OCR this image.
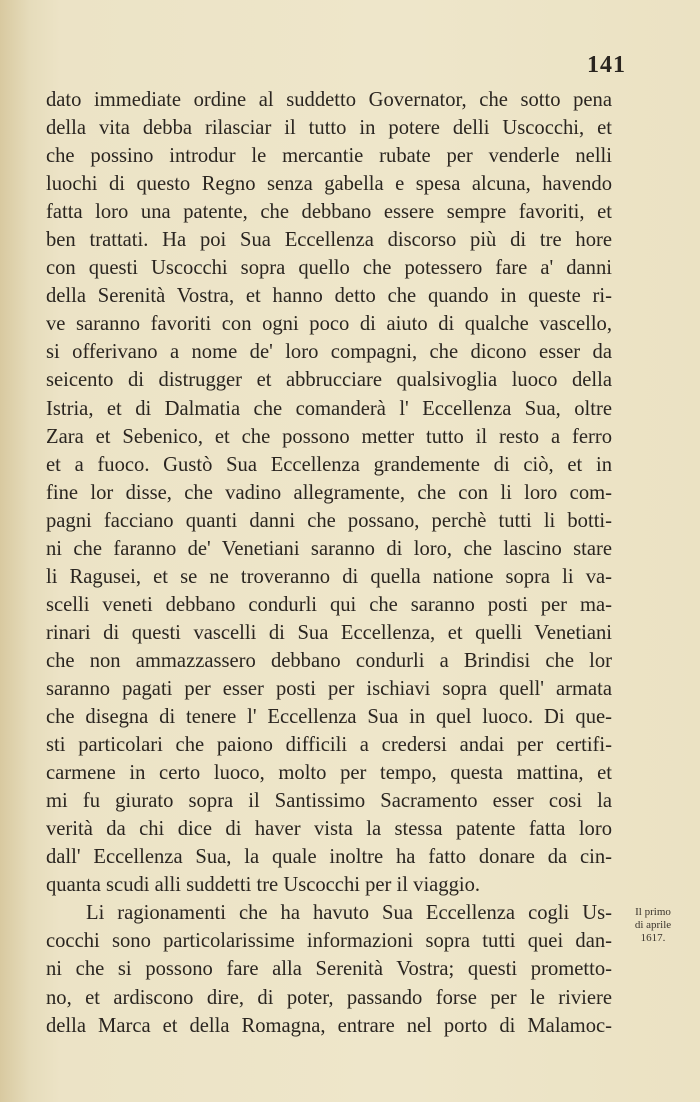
141
dato immediate ordine al suddetto Governator, che sotto pena
della vita debba rilasciar il tutto in potere delli Uscocchi, et
che possino introdur le mercantie rubate per venderle nelli
luochi di questo Regno senza gabella e spesa alcuna, havendo
fatta loro una patente, che debbano essere sempre favoriti, et
ben trattati. Ha poi Sua Eccellenza discorso più di tre hore
con questi Uscocchi sopra quello che potessero fare a' danni
della Serenità Vostra, et hanno detto che quando in queste ri-
ve saranno favoriti con ogni poco di aiuto di qualche vascello,
si offerivano a nome de' loro compagni, che dicono esser da
seicento di distrugger et abbrucciare qualsivoglia luoco della
Istria, et di Dalmatia che comanderà l' Eccellenza Sua, oltre
Zara et Sebenico, et che possono metter tutto il resto a ferro
et a fuoco. Gustò Sua Eccellenza grandemente di ciò, et in
fine lor disse, che vadino allegramente, che con li loro com-
pagni facciano quanti danni che possano, perchè tutti li botti-
ni che faranno de' Venetiani saranno di loro, che lascino stare
li Ragusei, et se ne troveranno di quella natione sopra li va-
scelli veneti debbano condurli qui che saranno posti per ma-
rinari di questi vascelli di Sua Eccellenza, et quelli Venetiani
che non ammazzassero debbano condurli a Brindisi che lor
saranno pagati per esser posti per ischiavi sopra quell' armata
che disegna di tenere l' Eccellenza Sua in quel luoco. Di que-
sti particolari che paiono difficili a credersi andai per certifi-
carmene in certo luoco, molto per tempo, questa mattina, et
mi fu giurato sopra il Santissimo Sacramento esser cosi la
verità da chi dice di haver vista la stessa patente fatta loro
dall' Eccellenza Sua, la quale inoltre ha fatto donare da cin-
quanta scudi alli suddetti tre Uscocchi per il viaggio.
Li ragionamenti che ha havuto Sua Eccellenza cogli Us-
cocchi sono particolarissime informazioni sopra tutti quei dan-
ni che si possono fare alla Serenità Vostra; questi prometto-
no, et ardiscono dire, di poter, passando forse per le riviere
della Marca et della Romagna, entrare nel porto di Malamoc-
Il primo
di aprile
1617.
